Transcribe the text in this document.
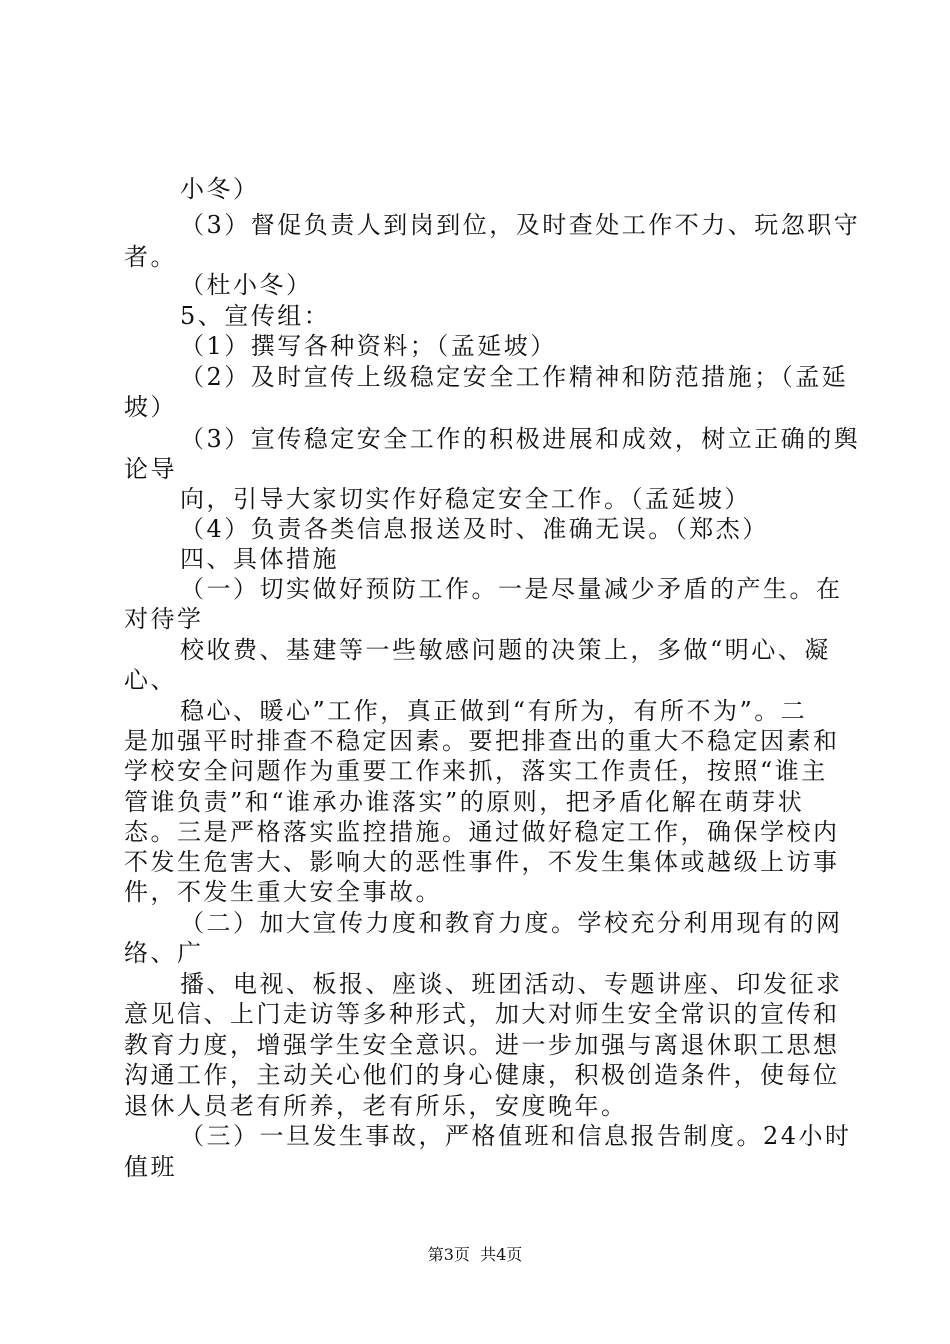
小冬）
（3）督促负责人到岗到位，及时查处工作不力、玩忽职守
者。
（杜小冬）
5、宣传组：
（1）撰写各种资料；（孟延坡）
（2）及时宣传上级稳定安全工作精神和防范措施；（孟延
坡）
（3）宣传稳定安全工作的积极进展和成效，树立正确的舆
论导
向，引导大家切实作好稳定安全工作。（孟延坡）
（4）负责各类信息报送及时、准确无误。（郑杰）
四、具体措施
（一）切实做好预防工作。一是尽量减少矛盾的产生。在
对待学
校收费、基建等一些敏感问题的决策上，多做“明心、凝
心、
稳心、暖心”工作，真正做到“有所为，有所不为”。二
是加强平时排查不稳定因素。要把排查出的重大不稳定因素和
学校安全问题作为重要工作来抓，落实工作责任，按照“谁主
管谁负责”和“谁承办谁落实”的原则，把矛盾化解在萌芽状
态。三是严格落实监控措施。通过做好稳定工作，确保学校内
不发生危害大、影响大的恶性事件，不发生集体或越级上访事
件，不发生重大安全事故。
（二）加大宣传力度和教育力度。学校充分利用现有的网
络、广
播、电视、板报、座谈、班团活动、专题讲座、印发征求
意见信、上门走访等多种形式，加大对师生安全常识的宣传和
教育力度，增强学生安全意识。进一步加强与离退休职工思想
沟通工作，主动关心他们的身心健康，积极创造条件，使每位
退休人员老有所养，老有所乐，安度晚年。
（三）一旦发生事故，严格值班和信息报告制度。24小时
值班
第3页  共4页
